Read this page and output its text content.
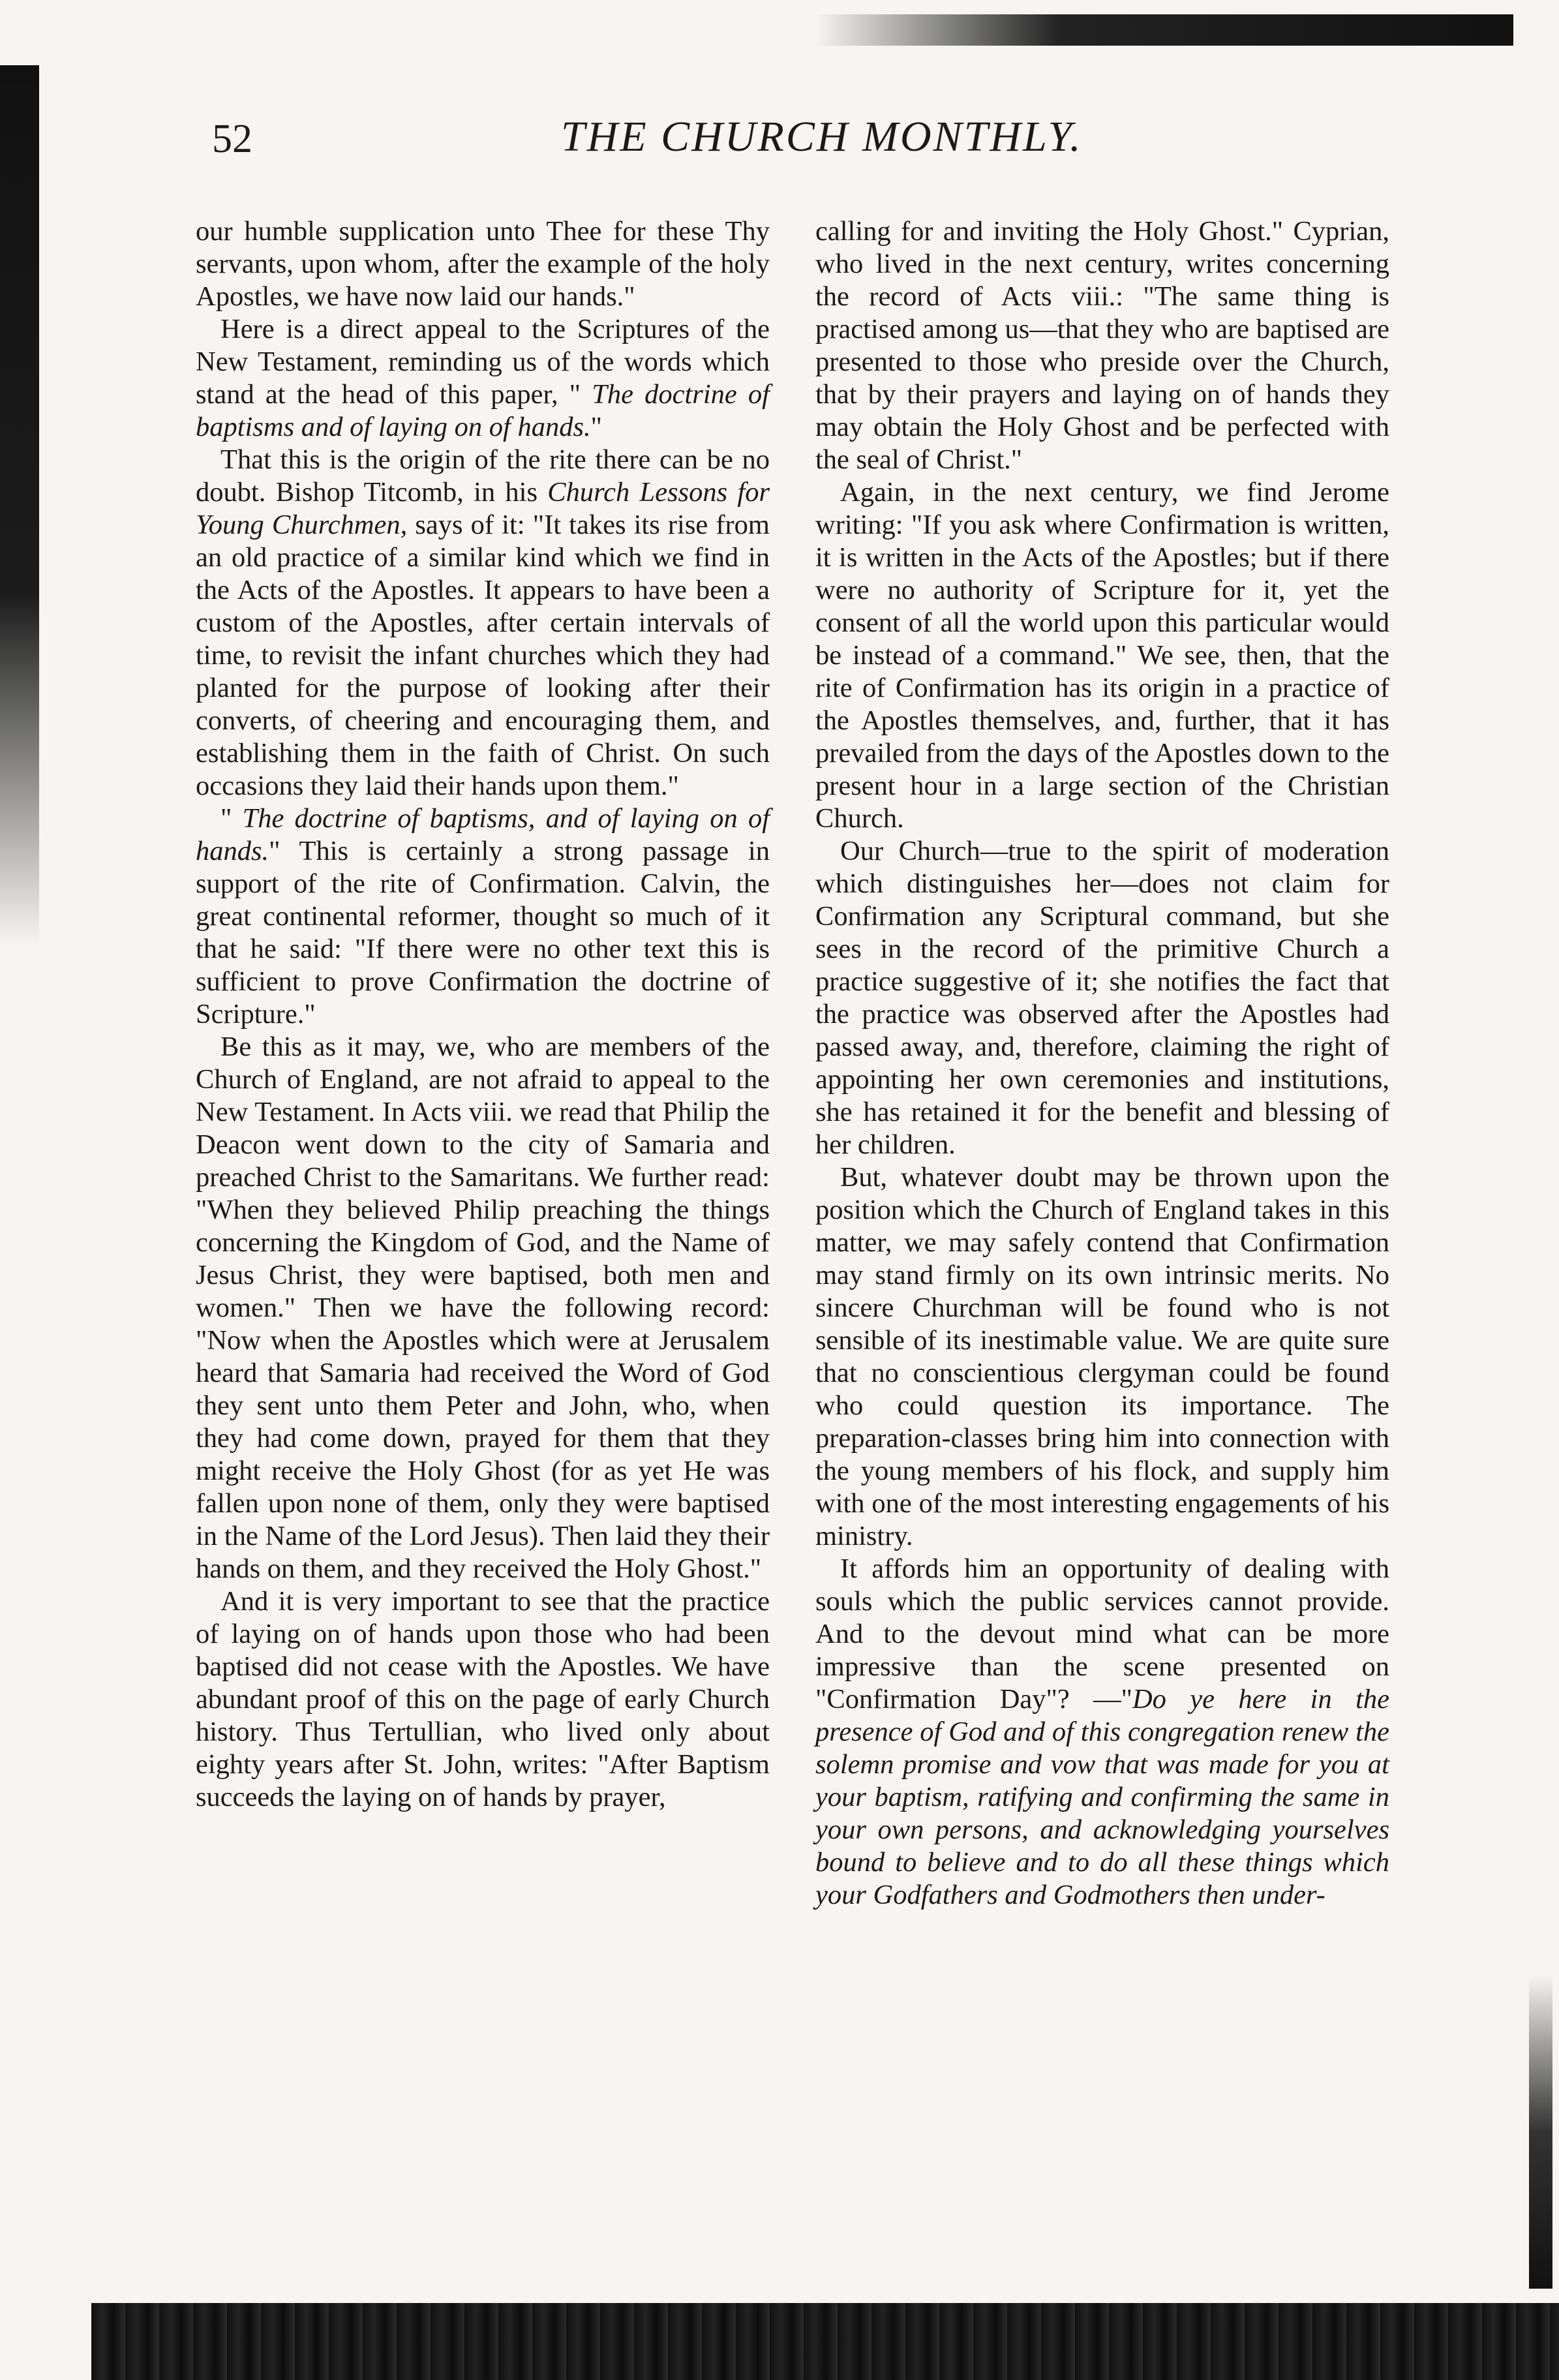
52	THE CHURCH MONTHLY.

our humble supplication unto Thee for these Thy servants, upon whom, after the example of the holy Apostles, we have now laid our hands."

Here is a direct appeal to the Scriptures of the New Testament, reminding us of the words which stand at the head of this paper, " The doctrine of baptisms and of laying on of hands."

That this is the origin of the rite there can be no doubt. Bishop Titcomb, in his Church Lessons for Young Churchmen, says of it: "It takes its rise from an old practice of a similar kind which we find in the Acts of the Apostles. It appears to have been a custom of the Apostles, after certain intervals of time, to revisit the infant churches which they had planted for the purpose of looking after their converts, of cheering and encouraging them, and establishing them in the faith of Christ. On such occasions they laid their hands upon them."

" The doctrine of baptisms, and of laying on of hands." This is certainly a strong passage in support of the rite of Confirmation. Calvin, the great continental reformer, thought so much of it that he said: "If there were no other text this is sufficient to prove Confirmation the doctrine of Scripture."

Be this as it may, we, who are members of the Church of England, are not afraid to appeal to the New Testament. In Acts viii. we read that Philip the Deacon went down to the city of Samaria and preached Christ to the Samaritans. We further read: "When they believed Philip preaching the things concerning the Kingdom of God, and the Name of Jesus Christ, they were baptised, both men and women." Then we have the following record: "Now when the Apostles which were at Jerusalem heard that Samaria had received the Word of God they sent unto them Peter and John, who, when they had come down, prayed for them that they might receive the Holy Ghost (for as yet He was fallen upon none of them, only they were baptised in the Name of the Lord Jesus). Then laid they their hands on them, and they received the Holy Ghost."

And it is very important to see that the practice of laying on of hands upon those who had been baptised did not cease with the Apostles. We have abundant proof of this on the page of early Church history. Thus Tertullian, who lived only about eighty years after St. John, writes: "After Baptism succeeds the laying on of hands by prayer,

calling for and inviting the Holy Ghost." Cyprian, who lived in the next century, writes concerning the record of Acts viii.: "The same thing is practised among us—that they who are baptised are presented to those who preside over the Church, that by their prayers and laying on of hands they may obtain the Holy Ghost and be perfected with the seal of Christ."

Again, in the next century, we find Jerome writing: "If you ask where Confirmation is written, it is written in the Acts of the Apostles; but if there were no authority of Scripture for it, yet the consent of all the world upon this particular would be instead of a command." We see, then, that the rite of Confirmation has its origin in a practice of the Apostles themselves, and, further, that it has prevailed from the days of the Apostles down to the present hour in a large section of the Christian Church.

Our Church—true to the spirit of moderation which distinguishes her—does not claim for Confirmation any Scriptural command, but she sees in the record of the primitive Church a practice suggestive of it; she notifies the fact that the practice was observed after the Apostles had passed away, and, therefore, claiming the right of appointing her own ceremonies and institutions, she has retained it for the benefit and blessing of her children.

But, whatever doubt may be thrown upon the position which the Church of England takes in this matter, we may safely contend that Confirmation may stand firmly on its own intrinsic merits. No sincere Churchman will be found who is not sensible of its inestimable value. We are quite sure that no conscientious clergyman could be found who could question its importance. The preparation-classes bring him into connection with the young members of his flock, and supply him with one of the most interesting engagements of his ministry.

It affords him an opportunity of dealing with souls which the public services cannot provide. And to the devout mind what can be more impressive than the scene presented on "Confirmation Day"? —"Do ye here in the presence of God and of this congregation renew the solemn promise and vow that was made for you at your baptism, ratifying and confirming the same in your own persons, and acknowledging yourselves bound to believe and to do all these things which your Godfathers and Godmothers then under-
